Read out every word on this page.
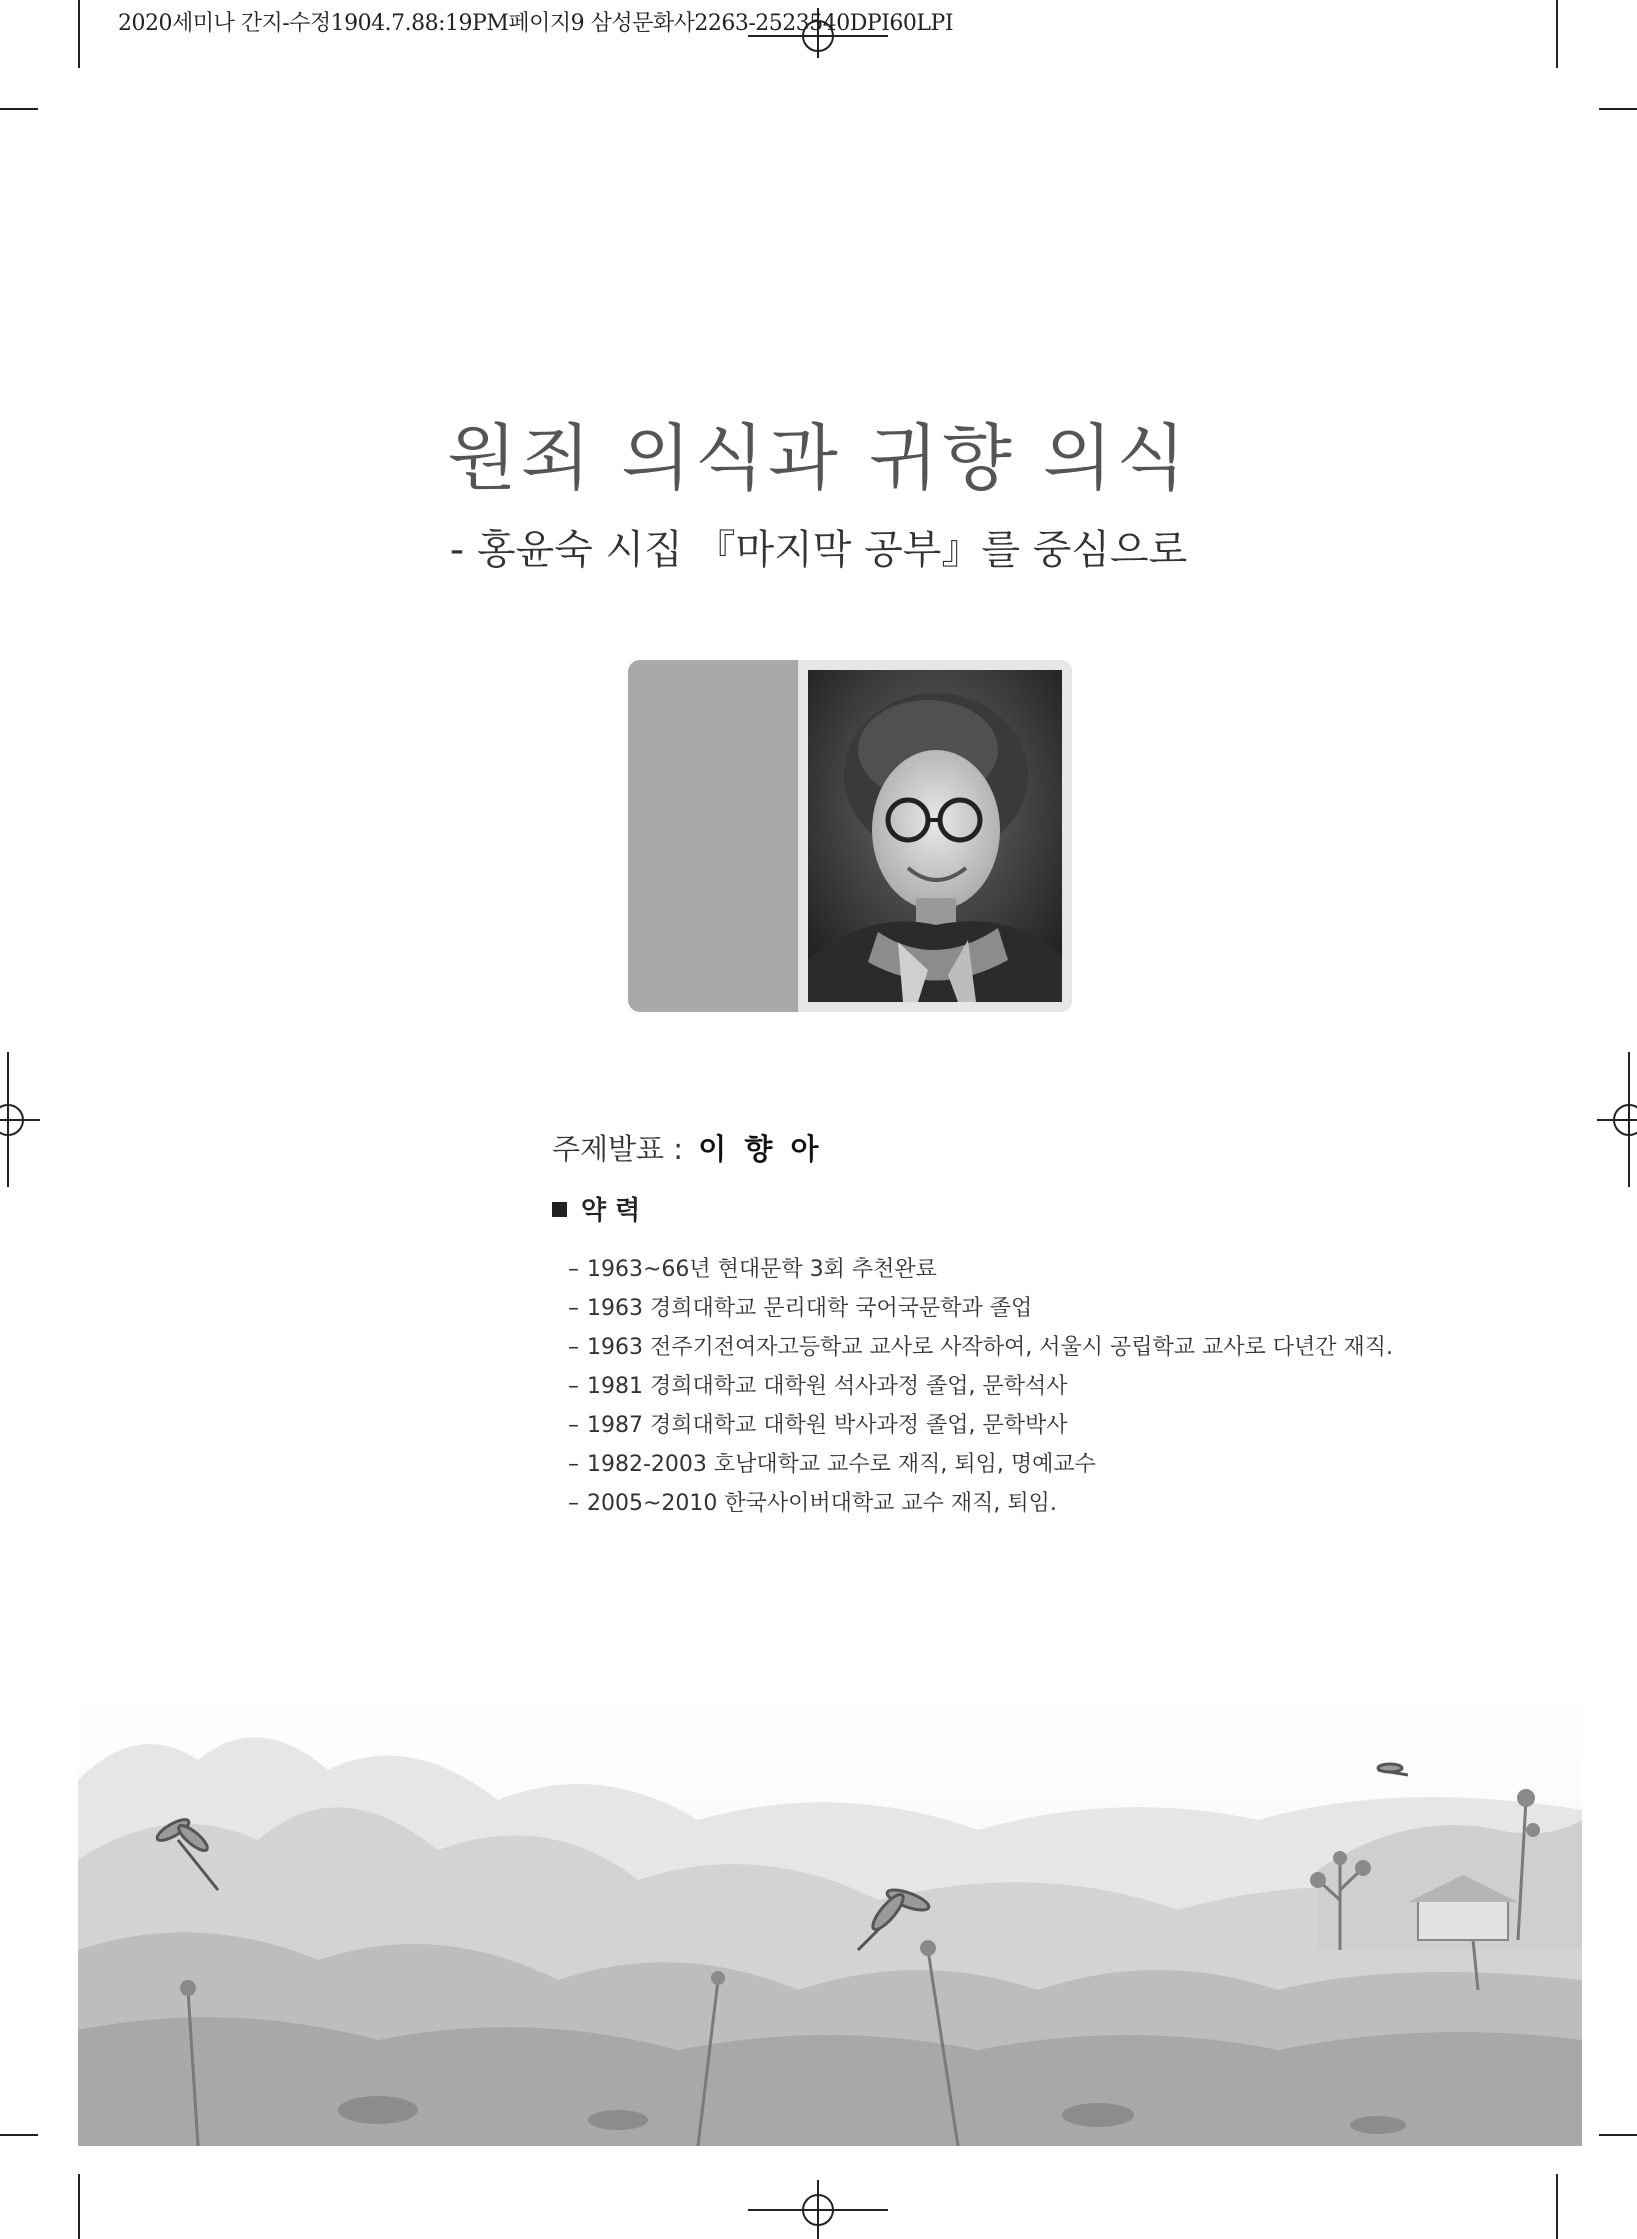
2020세미나 간지-수정1904.7.88:19PM페이지9 삼성문화사2263-2523540DPI60LPI
원죄 의식과 귀향 의식
- 홍윤숙 시집 『마지막 공부』를 중심으로
주제발표 : 이 향 아
약 력
– 1963~66년 현대문학 3회 추천완료
– 1963 경희대학교 문리대학 국어국문학과 졸업
– 1963 전주기전여자고등학교 교사로 사작하여, 서울시 공립학교 교사로 다년간 재직.
– 1981 경희대학교 대학원 석사과정 졸업, 문학석사
– 1987 경희대학교 대학원 박사과정 졸업, 문학박사
– 1982-2003 호남대학교 교수로 재직, 퇴임, 명예교수
– 2005~2010 한국사이버대학교 교수 재직, 퇴임.
